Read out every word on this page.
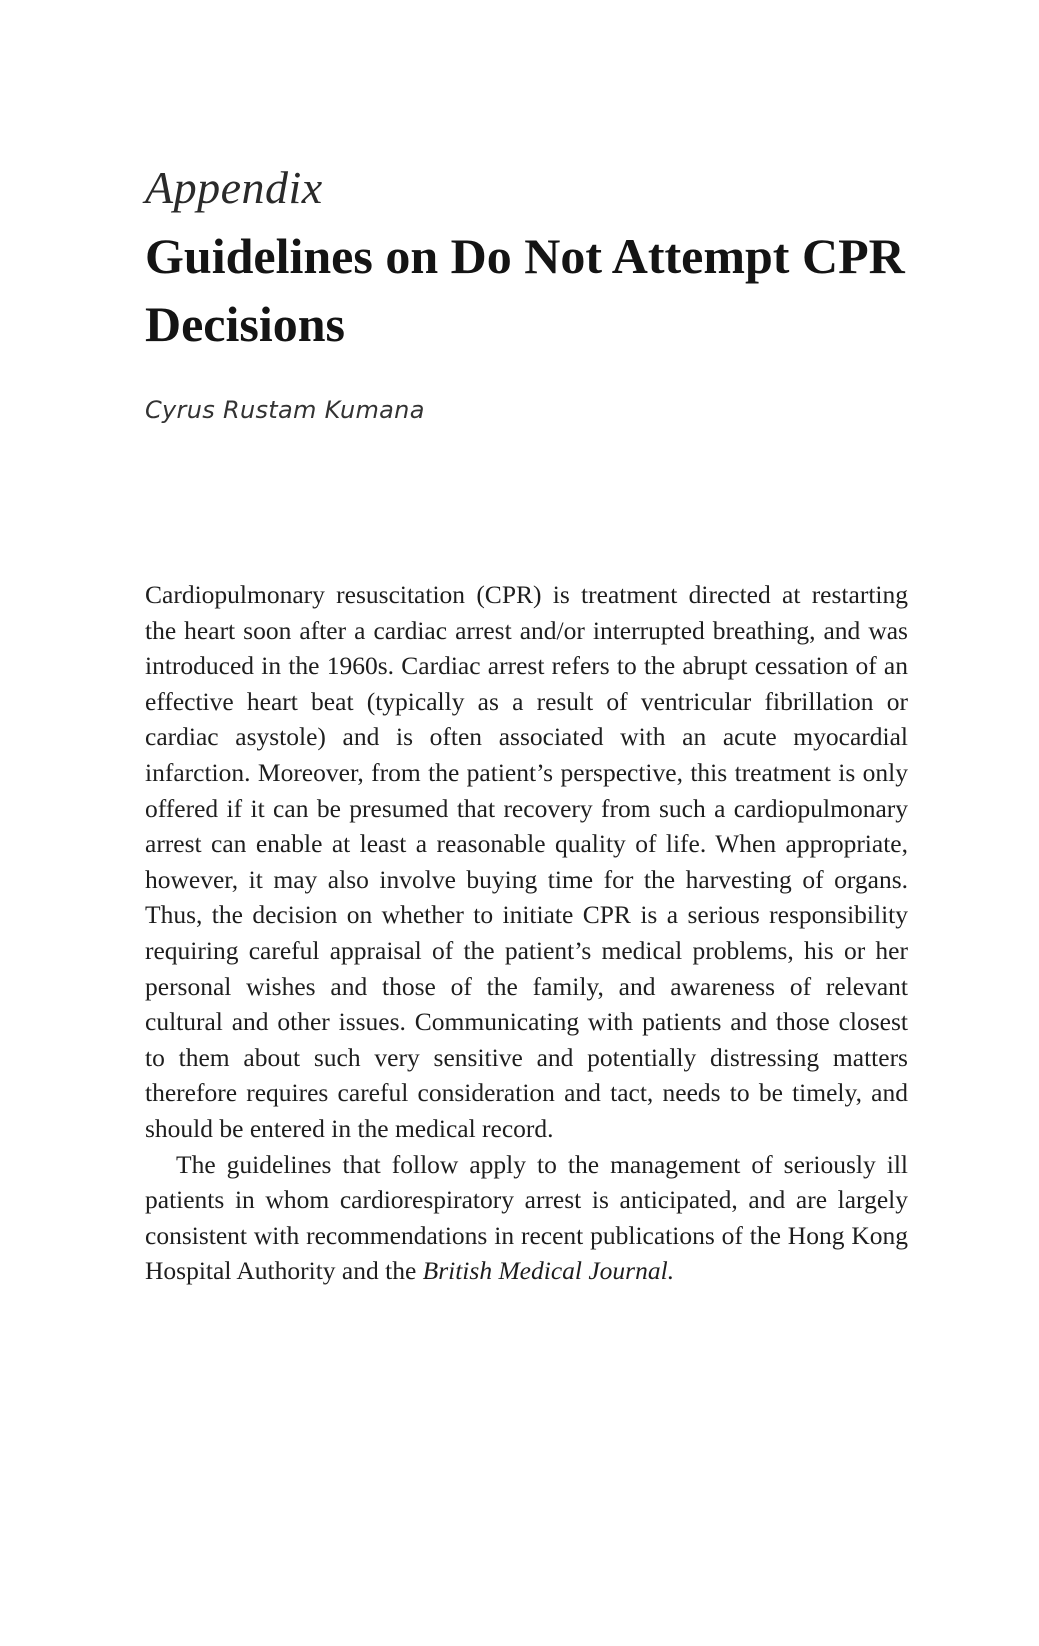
Appendix
Guidelines on Do Not Attempt CPR Decisions
Cyrus Rustam Kumana

Cardiopulmonary resuscitation (CPR) is treatment directed at restarting the heart soon after a cardiac arrest and/or interrupted breathing, and was introduced in the 1960s. Cardiac arrest refers to the abrupt cessation of an effective heart beat (typically as a result of ventricular fibrillation or cardiac asystole) and is often associated with an acute myocardial infarction. Moreover, from the patient’s perspective, this treatment is only offered if it can be presumed that recovery from such a cardiopulmonary arrest can enable at least a reasonable quality of life. When appropriate, however, it may also involve buying time for the harvesting of organs. Thus, the decision on whether to initiate CPR is a serious responsibility requiring careful appraisal of the patient’s medical problems, his or her personal wishes and those of the family, and awareness of relevant cultural and other issues. Communicating with patients and those closest to them about such very sensitive and potentially distressing matters therefore requires careful consideration and tact, needs to be timely, and should be entered in the medical record.

The guidelines that follow apply to the management of seriously ill patients in whom cardiorespiratory arrest is anticipated, and are largely consistent with recommendations in recent publications of the Hong Kong Hospital Authority and the British Medical Journal.
